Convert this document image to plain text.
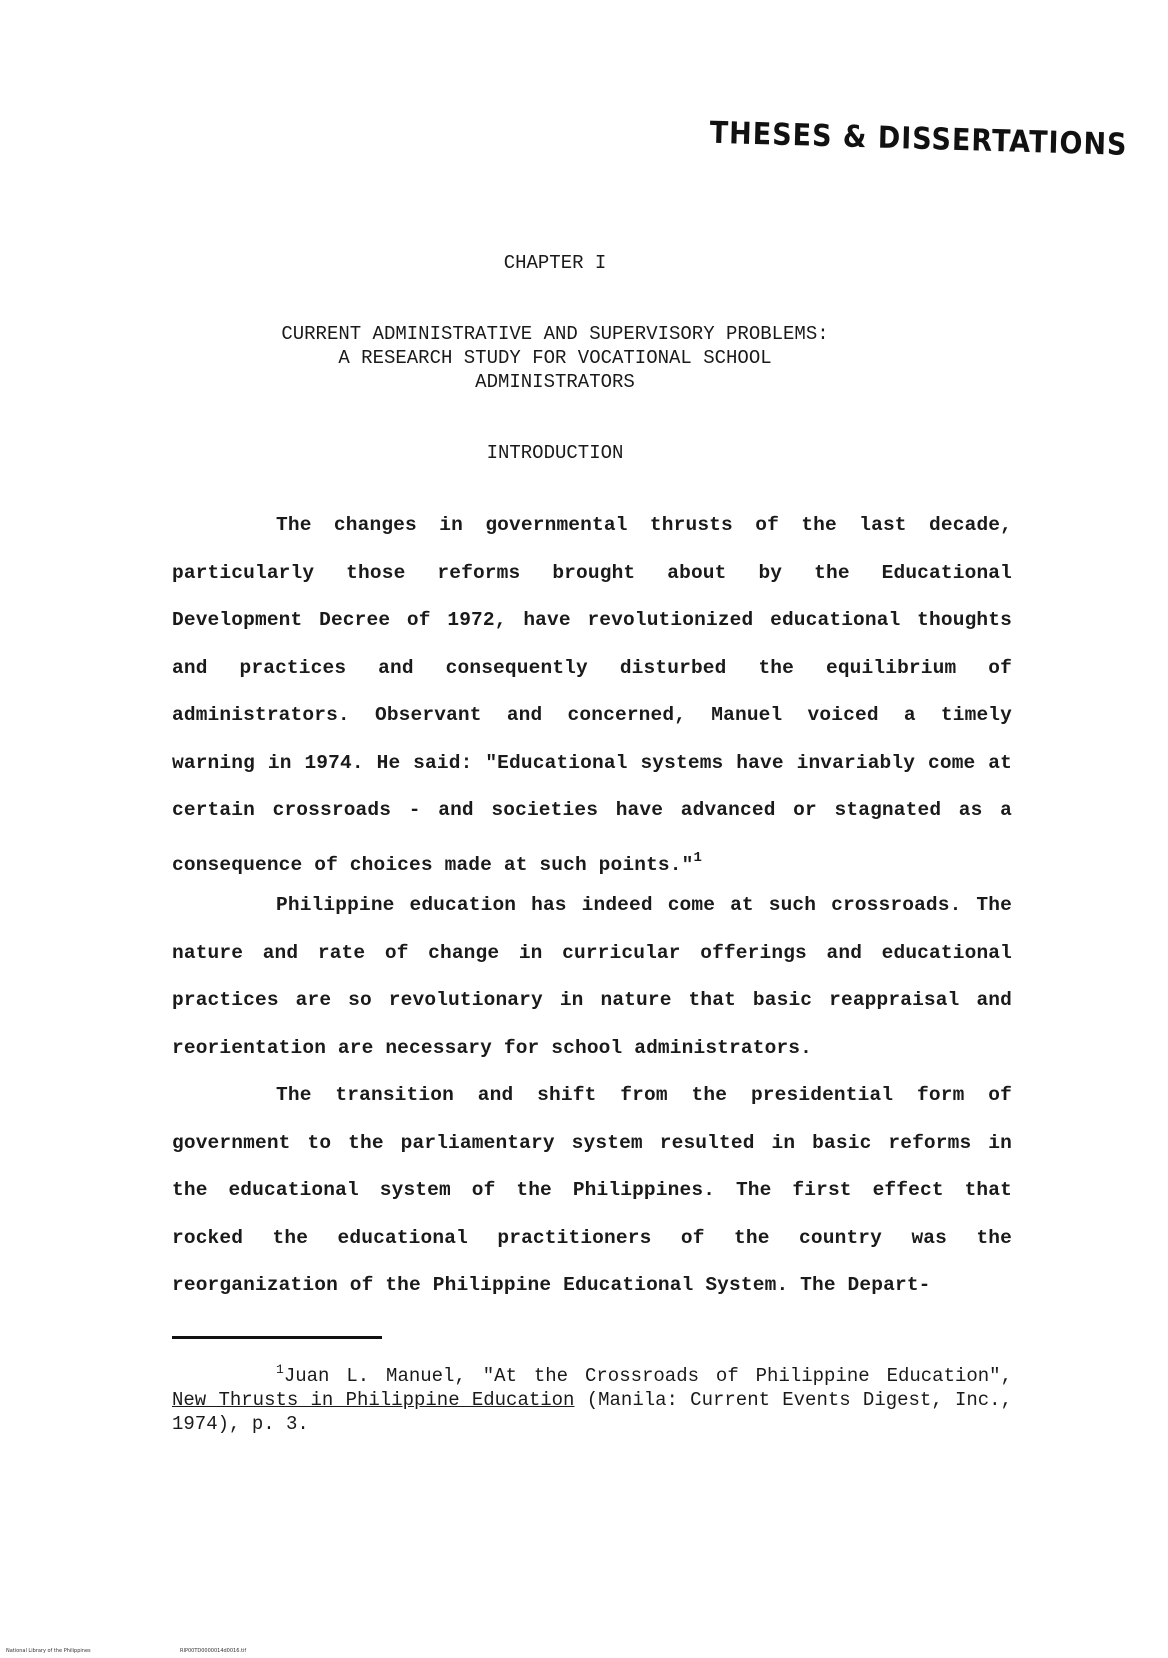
THESES & DISSERTATIONS
CHAPTER I
CURRENT ADMINISTRATIVE AND SUPERVISORY PROBLEMS:
A RESEARCH STUDY FOR VOCATIONAL SCHOOL
ADMINISTRATORS
INTRODUCTION

The changes in governmental thrusts of the last decade, particularly those reforms brought about by the Educational Development Decree of 1972, have revolutionized educational thoughts and practices and consequently disturbed the equilibrium of administrators. Observant and concerned, Manuel voiced a timely warning in 1974. He said: "Educational systems have invariably come at certain crossroads - and societies have advanced or stagnated as a consequence of choices made at such points."$^1$

Philippine education has indeed come at such crossroads. The nature and rate of change in curricular offerings and educational practices are so revolutionary in nature that basic reappraisal and reorientation are necessary for school administrators.

The transition and shift from the presidential form of government to the parliamentary system resulted in basic reforms in the educational system of the Philippines. The first effect that rocked the educational practitioners of the country was the reorganization of the Philippine Educational System. The Depart-

$^1$Juan L. Manuel, "At the Crossroads of Philippine Education", New Thrusts in Philippine Education (Manila: Current Events Digest, Inc., 1974), p. 3.
National Library of the Philippines	RIP00TD0000014d0016.tif
